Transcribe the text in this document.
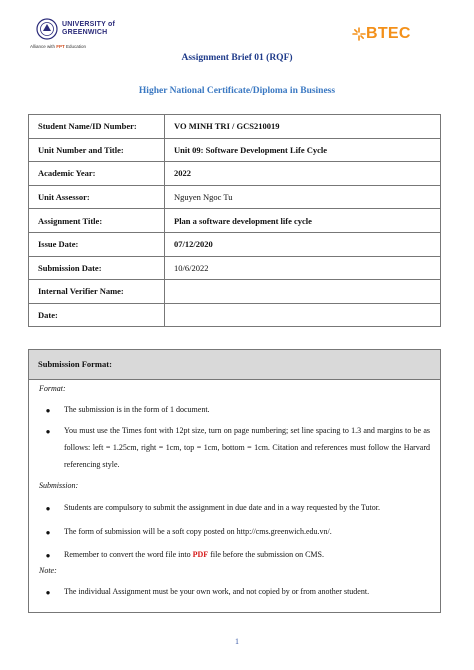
UNIVERSITY of
GREENWICH
Alliance with FPT Education
BTEC
Assignment Brief 01 (RQF)
Higher National Certificate/Diploma in Business
Student Name/ID Number:	VO MINH TRI / GCS210019
Unit Number and Title:	Unit 09: Software Development Life Cycle
Academic Year:	2022
Unit Assessor:	Nguyen Ngoc Tu
Assignment Title:	Plan a software development life cycle
Issue Date:	07/12/2020
Submission Date:	10/6/2022
Internal Verifier Name:	
Date:	
Submission Format:
Format:
●	The submission is in the form of 1 document.
●	You must use the Times font with 12pt size, turn on page numbering; set line spacing to 1.3 and margins to be as follows: left = 1.25cm, right = 1cm, top = 1cm, bottom = 1cm. Citation and references must follow the Harvard referencing style.
Submission:
●	Students are compulsory to submit the assignment in due date and in a way requested by the Tutor.
●	The form of submission will be a soft copy posted on http://cms.greenwich.edu.vn/.
●	Remember to convert the word file into PDF file before the submission on CMS.
Note:
●	The individual Assignment must be your own work, and not copied by or from another student.
1
